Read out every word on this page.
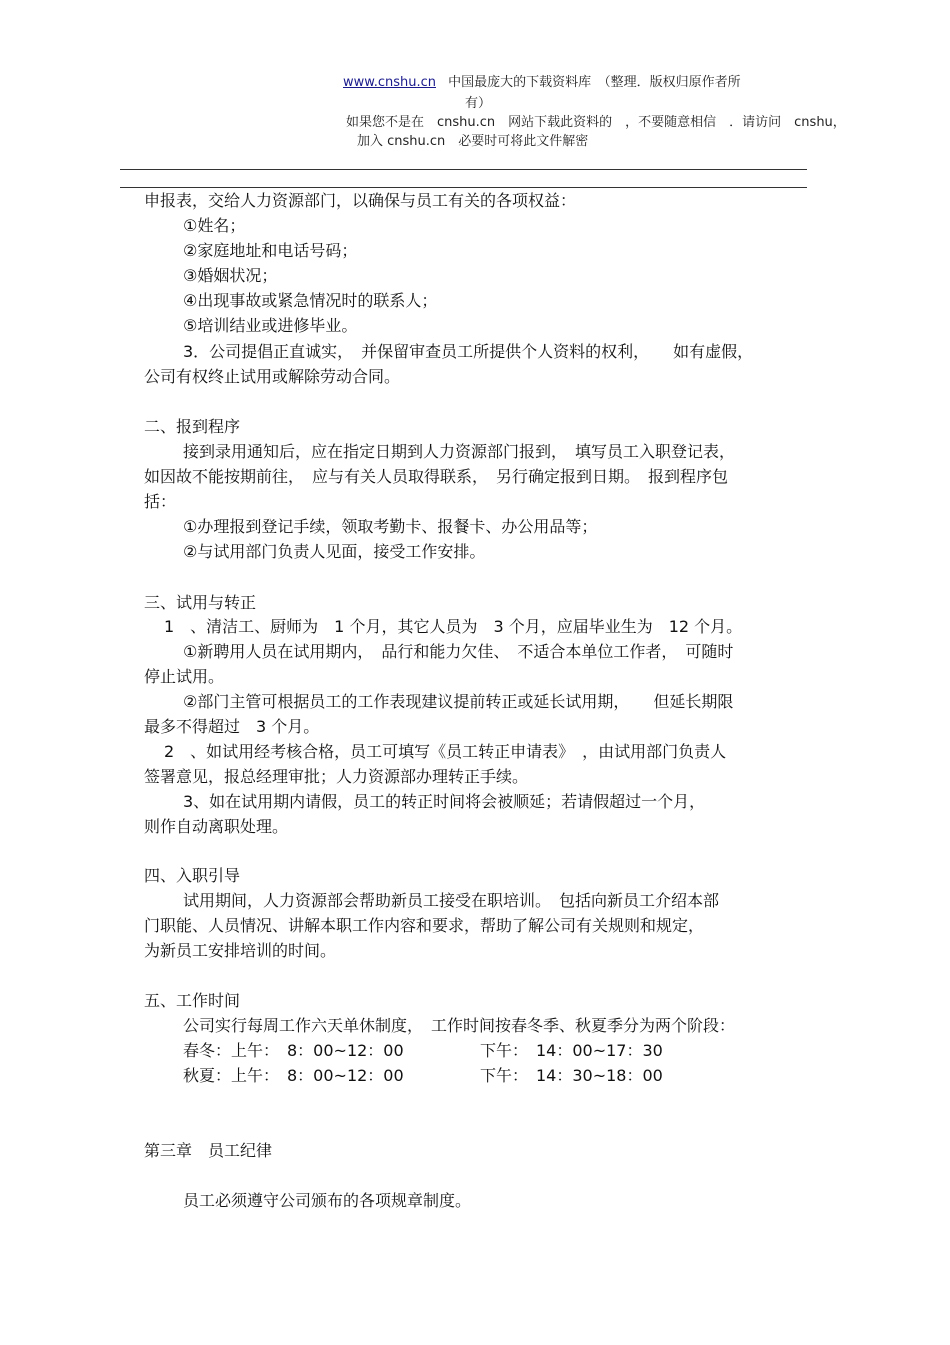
www.cnshu.cn 中国最庞大的下载资料库　（整理．版权归原作者所
有）
如果您不是在　cnshu.cn　网站下载此资料的　，不要随意相信　．请访问　cnshu，
加入 cnshu.cn　必要时可将此文件解密
申报表，交给人力资源部门，以确保与员工有关的各项权益：
①姓名；
②家庭地址和电话号码；
③婚姻状况；
④出现事故或紧急情况时的联系人；
⑤培训结业或进修毕业。
3．公司提倡正直诚实，　并保留审查员工所提供个人资料的权利，　　如有虚假，
公司有权终止试用或解除劳动合同。
二、报到程序
接到录用通知后，应在指定日期到人力资源部门报到，　填写员工入职登记表，
如因故不能按期前往，　应与有关人员取得联系，　另行确定报到日期。　报到程序包
括：
①办理报到登记手续，领取考勤卡、报餐卡、办公用品等；
②与试用部门负责人见面，接受工作安排。
三、试用与转正
1　、清洁工、厨师为　1 个月，其它人员为　3 个月，应届毕业生为　12 个月。
①新聘用人员在试用期内，　品行和能力欠佳、　不适合本单位工作者，　可随时
停止试用。
②部门主管可根据员工的工作表现建议提前转正或延长试用期，　　但延长期限
最多不得超过　3 个月。
2　、如试用经考核合格，员工可填写《员工转正申请表》　，由试用部门负责人
签署意见，报总经理审批；人力资源部办理转正手续。
3、如在试用期内请假，员工的转正时间将会被顺延；若请假超过一个月，
则作自动离职处理。
四、入职引导
试用期间，人力资源部会帮助新员工接受在职培训。　包括向新员工介绍本部
门职能、人员情况、讲解本职工作内容和要求，帮助了解公司有关规则和规定，
为新员工安排培训的时间。
五、工作时间
公司实行每周工作六天单休制度，　工作时间按春冬季、秋夏季分为两个阶段：
春冬：上午：　8：00~12：00	下午：　14：00~17：30
秋夏：上午：　8：00~12：00	下午：　14：30~18：00
第三章　员工纪律
员工必须遵守公司颁布的各项规章制度。
